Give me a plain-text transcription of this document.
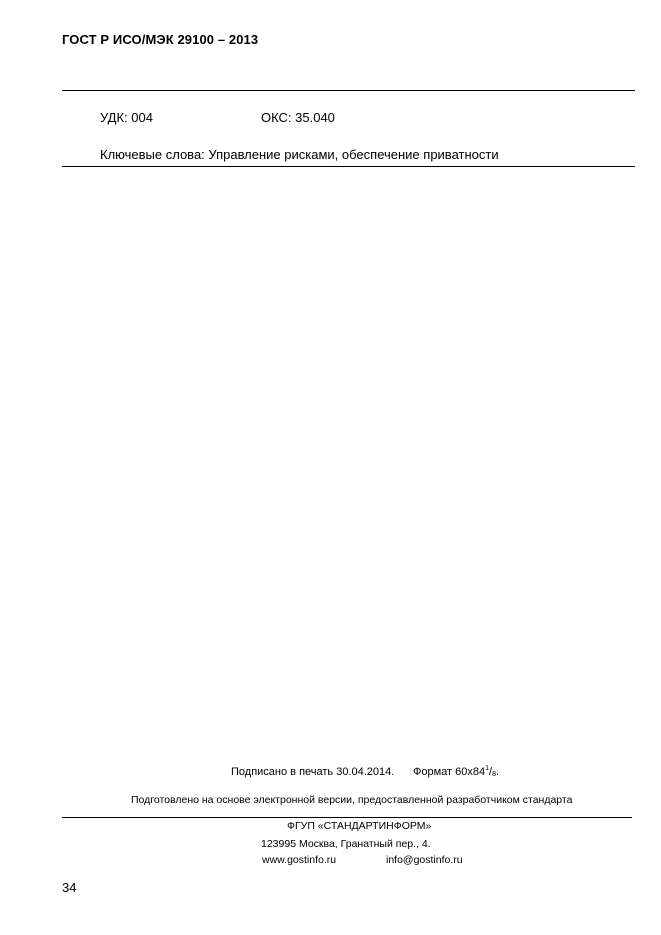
ГОСТ Р ИСО/МЭК 29100 – 2013
УДК: 004	ОКС: 35.040
Ключевые слова: Управление рисками, обеспечение приватности
Подписано в печать 30.04.2014. Формат $60x84^1/_8$.
Подготовлено на основе электронной версии, предоставленной разработчиком стандарта
ФГУП «СТАНДАРТИНФОРМ»
123995 Москва, Гранатный пер., 4.
www.gostinfo.ru	info@gostinfo.ru
34
